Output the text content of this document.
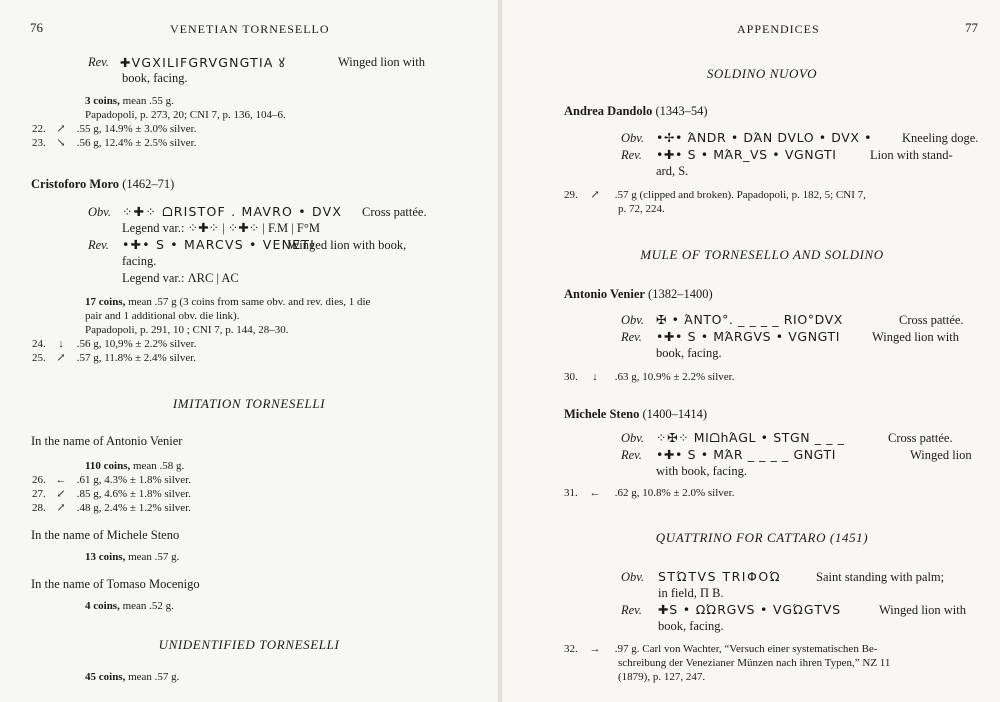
76	VENETIAN TORNESELLO
Rev. ✚VGXILIFGRVGNGTIA ꙋ	Winged lion with
book, facing.
3 coins, mean .55 g.
Papadopoli, p. 273, 20; CNI 7, p. 136, 104–6.
22. ↗ .55 g, 14.9% ± 3.0% silver.
23. ↘ .56 g, 12.4% ± 2.5% silver.
Cristoforo Moro (1462–71)
Obv. ⁘✚⁘ ᗝRISTOF . MAVRO • DVX Cross pattée.
Legend var.: ⁘✚⁘ | ⁘✚⁘ | F.M | F°M
Rev. •✚• S • MARCVS • VENETI
Winged lion with book,
facing.
Legend var.: ΛRC | AC
17 coins, mean .57 g (3 coins from same obv. and rev. dies, 1 die
pair and 1 additional obv. die link).
Papadopoli, p. 291, 10 ; CNI 7, p. 144, 28–30.
24. ↓ .56 g, 10,9% ± 2.2% silver.
25. ↗ .57 g, 11.8% ± 2.4% silver.
IMITATION TORNESELLI
In the name of Antonio Venier
110 coins, mean .58 g.
26. ← .61 g, 4.3% ± 1.8% silver.
27. ↙ .85 g, 4.6% ± 1.8% silver.
28. ↗ .48 g, 2.4% ± 1.2% silver.
In the name of Michele Steno
13 coins, mean .57 g.
In the name of Tomaso Mocenigo
4 coins, mean .52 g.
UNIDENTIFIED TORNESELLI
45 coins, mean .57 g.
APPENDICES	77
SOLDINO NUOVO
Andrea Dandolo (1343–54)
Obv. •✢• ΆNDR • DΆN DVLO • DVX • Kneeling doge.
Rev. •✚• S • MΆR_VS • VGNGTI	Lion with stand-
ard, S.
29. ↗ .57 g (clipped and broken). Papadopoli, p. 182, 5; CNI 7,
p. 72, 224.
MULE OF TORNESELLO AND SOLDINO
Antonio Venier (1382–1400)
Obv. ✠ • ΆNTO°. _ _ _ _ RIO°DVX	Cross pattée.
Rev. •✚• S • MΆRGVS • VGNGTI	Winged lion with
book, facing.
30. ↓ .63 g, 10.9% ± 2.2% silver.
Michele Steno (1400–1414)
Obv. ⁘✠⁘ MIᗝhΆGL • STGN _ _ _	Cross pattée.
Rev. •✚• S • MΆR _ _ _ _ GNGTI	Winged lion
with book, facing.
31. ← .62 g, 10.8% ± 2.0% silver.
QUATTRINO FOR CATTARO (1451)
Obv. SΤΏΤVS ΤRIΦOΏ	Saint standing with palm;
in field, Π B.
Rev. ✚S • ΩΏRGVS • VGΏGΤVS	Winged lion with
book, facing.
32. → .97 g. Carl von Wachter, “Versuch einer systematischen Be-
schreibung der Venezianer Münzen nach ihren Typen,” NZ 11
(1879), p. 127, 247.
